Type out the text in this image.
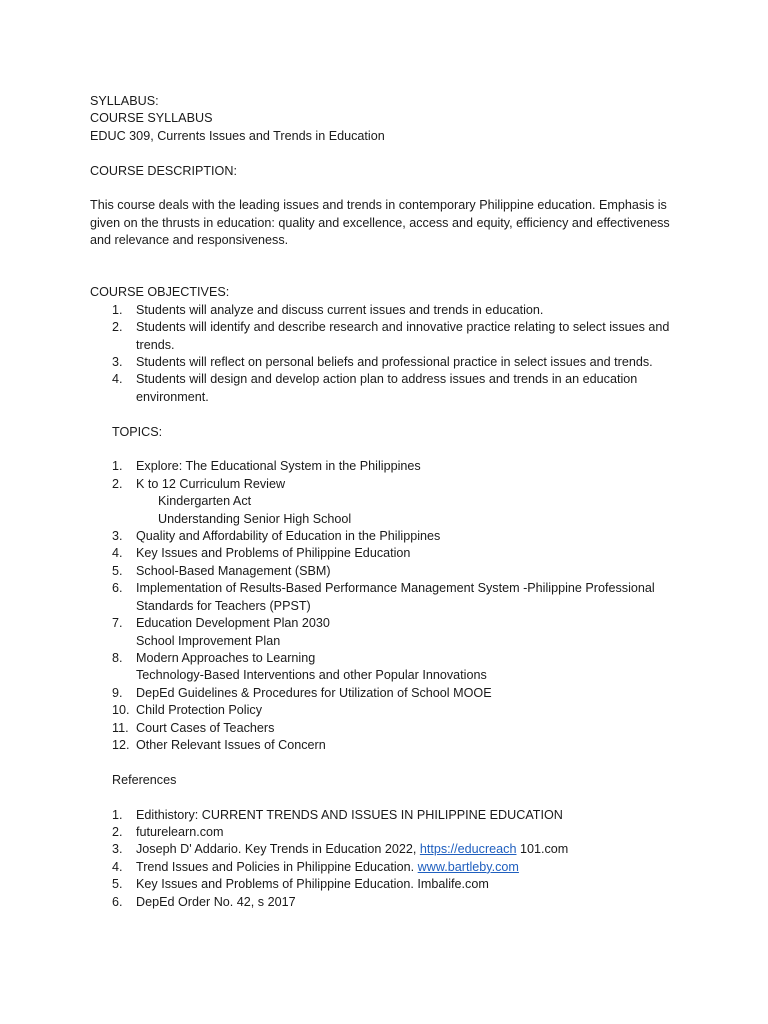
SYLLABUS:
COURSE SYLLABUS
EDUC 309, Currents Issues and Trends in Education
COURSE DESCRIPTION:
This course deals with the leading issues and trends in contemporary Philippine education. Emphasis is given on the thrusts in education: quality and excellence, access and equity, efficiency and effectiveness and relevance and responsiveness.
COURSE OBJECTIVES:
1. Students will analyze and discuss current issues and trends in education.
2. Students will identify and describe research and innovative practice relating to select issues and trends.
3. Students will reflect on personal beliefs and professional practice in select issues and trends.
4. Students will design and develop action plan to address issues and trends in an education environment.
TOPICS:
1. Explore: The Educational System in the Philippines
2. K to 12 Curriculum Review
Kindergarten Act
Understanding Senior High School
3. Quality and Affordability of Education in the Philippines
4. Key Issues and Problems of Philippine Education
5. School-Based Management (SBM)
6. Implementation of Results-Based Performance Management System -Philippine Professional Standards for Teachers (PPST)
7. Education Development Plan 2030
School Improvement Plan
8. Modern Approaches to Learning
Technology-Based Interventions and other Popular Innovations
9. DepEd Guidelines & Procedures for Utilization of School MOOE
10. Child Protection Policy
11. Court Cases of Teachers
12. Other Relevant Issues of Concern
References
1. Edithistory: CURRENT TRENDS AND ISSUES IN PHILIPPINE EDUCATION
2. futurelearn.com
3. Joseph D' Addario. Key Trends in Education 2022, https://educreach 101.com
4. Trend Issues and Policies in Philippine Education. www.bartleby.com
5. Key Issues and Problems of Philippine Education. Imbalife.com
6. DepEd Order No. 42, s 2017
